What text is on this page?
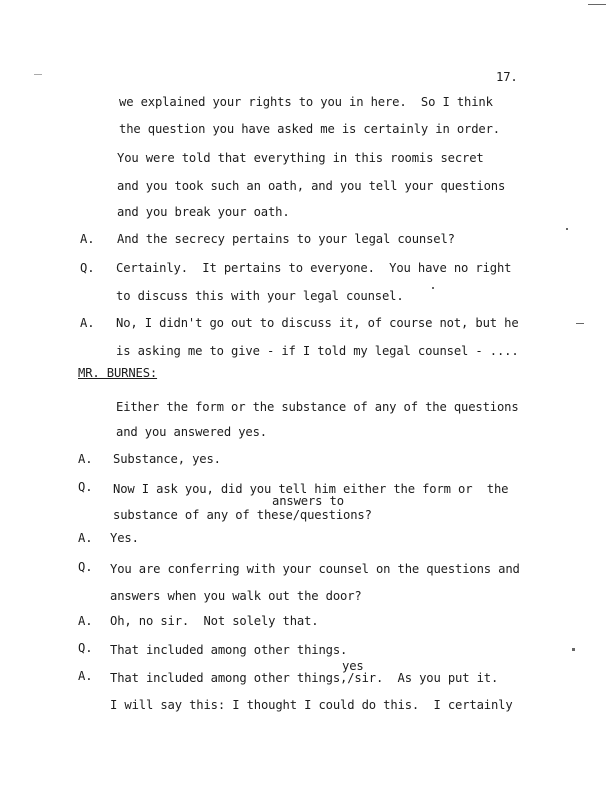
17.
we explained your rights to you in here.  So I think
the question you have asked me is certainly in order.
You were told that everything in this roomis secret
and you took such an oath, and you tell your questions
and you break your oath.
A. And the secrecy pertains to your legal counsel?
Q. Certainly.  It pertains to everyone.  You have no right
to discuss this with your legal counsel.
A. No, I didn't go out to discuss it, of course not, but he
is asking me to give - if I told my legal counsel - ....
MR. BURNES:
Either the form or the substance of any of the questions
and you answered yes.
A. Substance, yes.
Q. Now I ask you, did you tell him either the form or  the
answers to
substance of any of these/questions?
A. Yes.
Q. You are conferring with your counsel on the questions and
answers when you walk out the door?
A. Oh, no sir.  Not solely that.
Q. That included among other things.
yes
A. That included among other things,/sir.  As you put it.
I will say this: I thought I could do this.  I certainly
